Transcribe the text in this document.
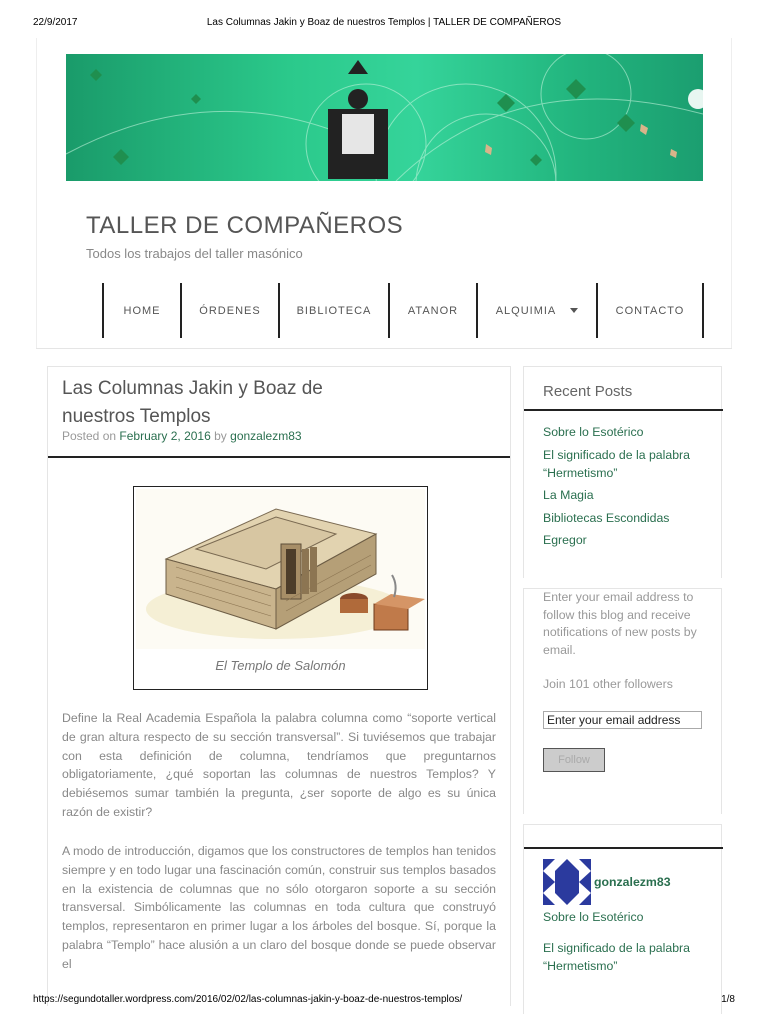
22/9/2017	Las Columnas Jakin y Boaz de nuestros Templos | TALLER DE COMPAÑEROS
TALLER DE COMPAÑEROS
Todos los trabajos del taller masónico
HOME	ÓRDENES	BIBLIOTECA	ATANOR	ALQUIMIA	CONTACTO
Las Columnas Jakin y Boaz de nuestros Templos
Posted on February 2, 2016 by gonzalezm83
El Templo de Salomón
Define la Real Academia Española la palabra columna como “soporte vertical de gran altura respecto de su sección transversal”. Si tuviésemos que trabajar con esta definición de columna, tendríamos que preguntarnos obligatoriamente, ¿qué soportan las columnas de nuestros Templos? Y debiésemos sumar también la pregunta, ¿ser soporte de algo es su única razón de existir?
A modo de introducción, digamos que los constructores de templos han tenidos siempre y en todo lugar una fascinación común, construir sus templos basados en la existencia de columnas que no sólo otorgaron soporte a su sección transversal. Simbólicamente las columnas en toda cultura que construyó templos, representaron en primer lugar a los árboles del bosque. Sí, porque la palabra “Templo” hace alusión a un claro del bosque donde se puede observar el
Recent Posts
Sobre lo Esotérico
El significado de la palabra “Hermetismo”
La Magia
Bibliotecas Escondidas
Egregor
Enter your email address to follow this blog and receive notifications of new posts by email.
Join 101 other followers
Enter your email address
Follow
gonzalezm83
Sobre lo Esotérico
El significado de la palabra “Hermetismo”
https://segundotaller.wordpress.com/2016/02/02/las-columnas-jakin-y-boaz-de-nuestros-templos/	1/8
